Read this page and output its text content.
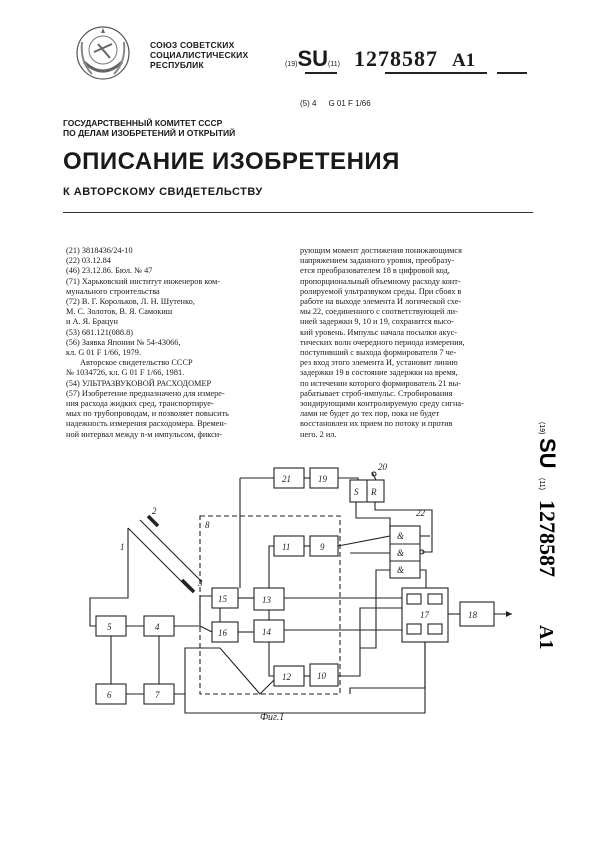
СОЮЗ СОВЕТСКИХ
СОЦИАЛИСТИЧЕСКИХ
РЕСПУБЛИК	(19)SU(11) 1278587 A1
(5) 4 G 01 F 1/66
ГОСУДАРСТВЕННЫЙ КОМИТЕТ СССР
ПО ДЕЛАМ ИЗОБРЕТЕНИЙ И ОТКРЫТИЙ
ОПИСАНИЕ ИЗОБРЕТЕНИЯ
К АВТОРСКОМУ СВИДЕТЕЛЬСТВУ

(21) 3818436/24-10

(22) 03.12.84

(46) 23.12.86. Бюл. № 47

(71) Харьковский институт инженеров ком-

мунального строительства

(72) В. Г. Корольков, Л. Н. Шутенко,

М. С. Золотов, В. Я. Самокиш

и А. Я. Брацун

(53) 681.121(088.8)

(56) Заявка Японии № 54-43066,

кл. G 01 F 1/66, 1979.

Авторское свидетельство СССР

№ 1034726, кл. G 01 F 1/66, 1981.

(54) УЛЬТРАЗВУКОВОЙ РАСХОДОМЕР

(57) Изобретение предназначено для измере-

ния расхода жидких сред, транспортируе-

мых по трубопроводам, и позволяет повысить

надежность измерения расходомера. Времен-

ной интервал между n-м импульсом, фикси-

рующим момент достижения понижающимся

напряжением заданного уровня, преобразу-

ется преобразователем 18 в цифровой код,

пропорциональный объемному расходу конт-

ролируемой ультразвуком среды. При сбоях в

работе на выходе элемента И логической схе-

мы 22, соединенного с соответствующей ли-

нией задержки 9, 10 и 19, сохранится высо-

кий уровень. Импульс начала посылки акус-

тических волн очередного периода измерения,

поступивший с выхода формирователя 7 че-

рез вход этого элемента И, установит линию

задержки 19 в состояние задержки на время,

по истечении которого формирователь 21 вы-

рабатывает строб-импульс. Стробирования

зондирующими контролируемую среду сигна-

лами не будет до тех пор, пока не будет

восстановлен их прием по потоку и против

него. 2 ил.	(19)
SU
(11)
1278587
A1
8
2
1
3
5	4
6	7
15
16
13
14
11	9
12	10
21	19
S R
20
&
&
&
22
17	18
Фиг.1
